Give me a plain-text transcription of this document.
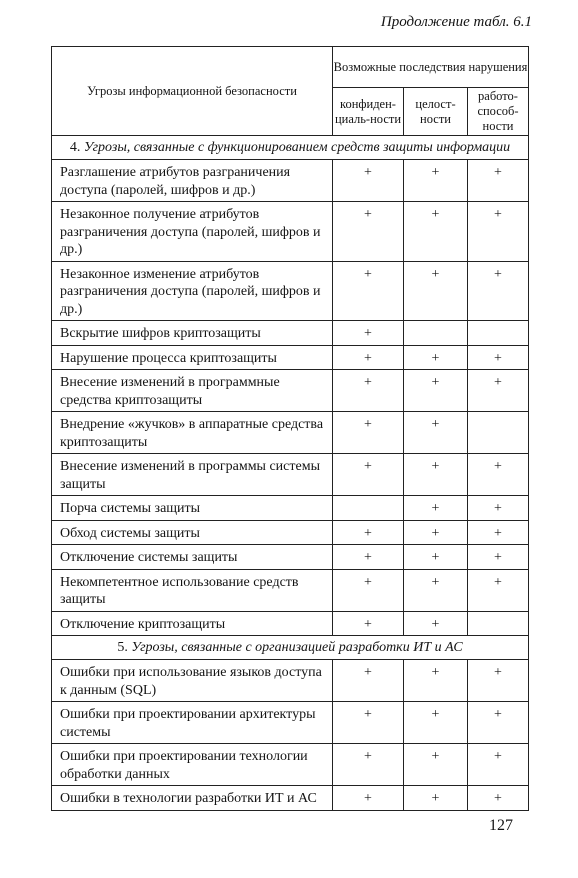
Продолжение табл. 6.1
Угрозы информационной безопасности	Возможные последствия нарушения		
	конфиден-циаль-ности	целост-ности	работо-способ-ности
4. Угрозы, связанные с функционированием средств защиты информации			
Разглашение атрибутов разграничения доступа (паролей, шифров и др.)	+	+	+
Незаконное получение атрибутов разграничения доступа (паролей, шифров и др.)	+	+	+
Незаконное изменение атрибутов разграничения доступа (паролей, шифров и др.)	+	+	+
Вскрытие шифров криптозащиты	+		
Нарушение процесса криптозащиты	+	+	+
Внесение изменений в программные средства криптозащиты	+	+	+
Внедрение «жучков» в аппаратные средства криптозащиты	+	+	
Внесение изменений в программы системы защиты	+	+	+
Порча системы защиты		+	+
Обход системы защиты	+	+	+
Отключение системы защиты	+	+	+
Некомпетентное использование средств защиты	+	+	+
Отключение криптозащиты	+	+	
5. Угрозы, связанные с организацией разработки ИТ и АС			
Ошибки при использование языков доступа к данным (SQL)	+	+	+
Ошибки при проектировании архитектуры системы	+	+	+
Ошибки при проектировании технологии обработки данных	+	+	+
Ошибки в технологии разработки ИТ и АС	+	+	+
127
